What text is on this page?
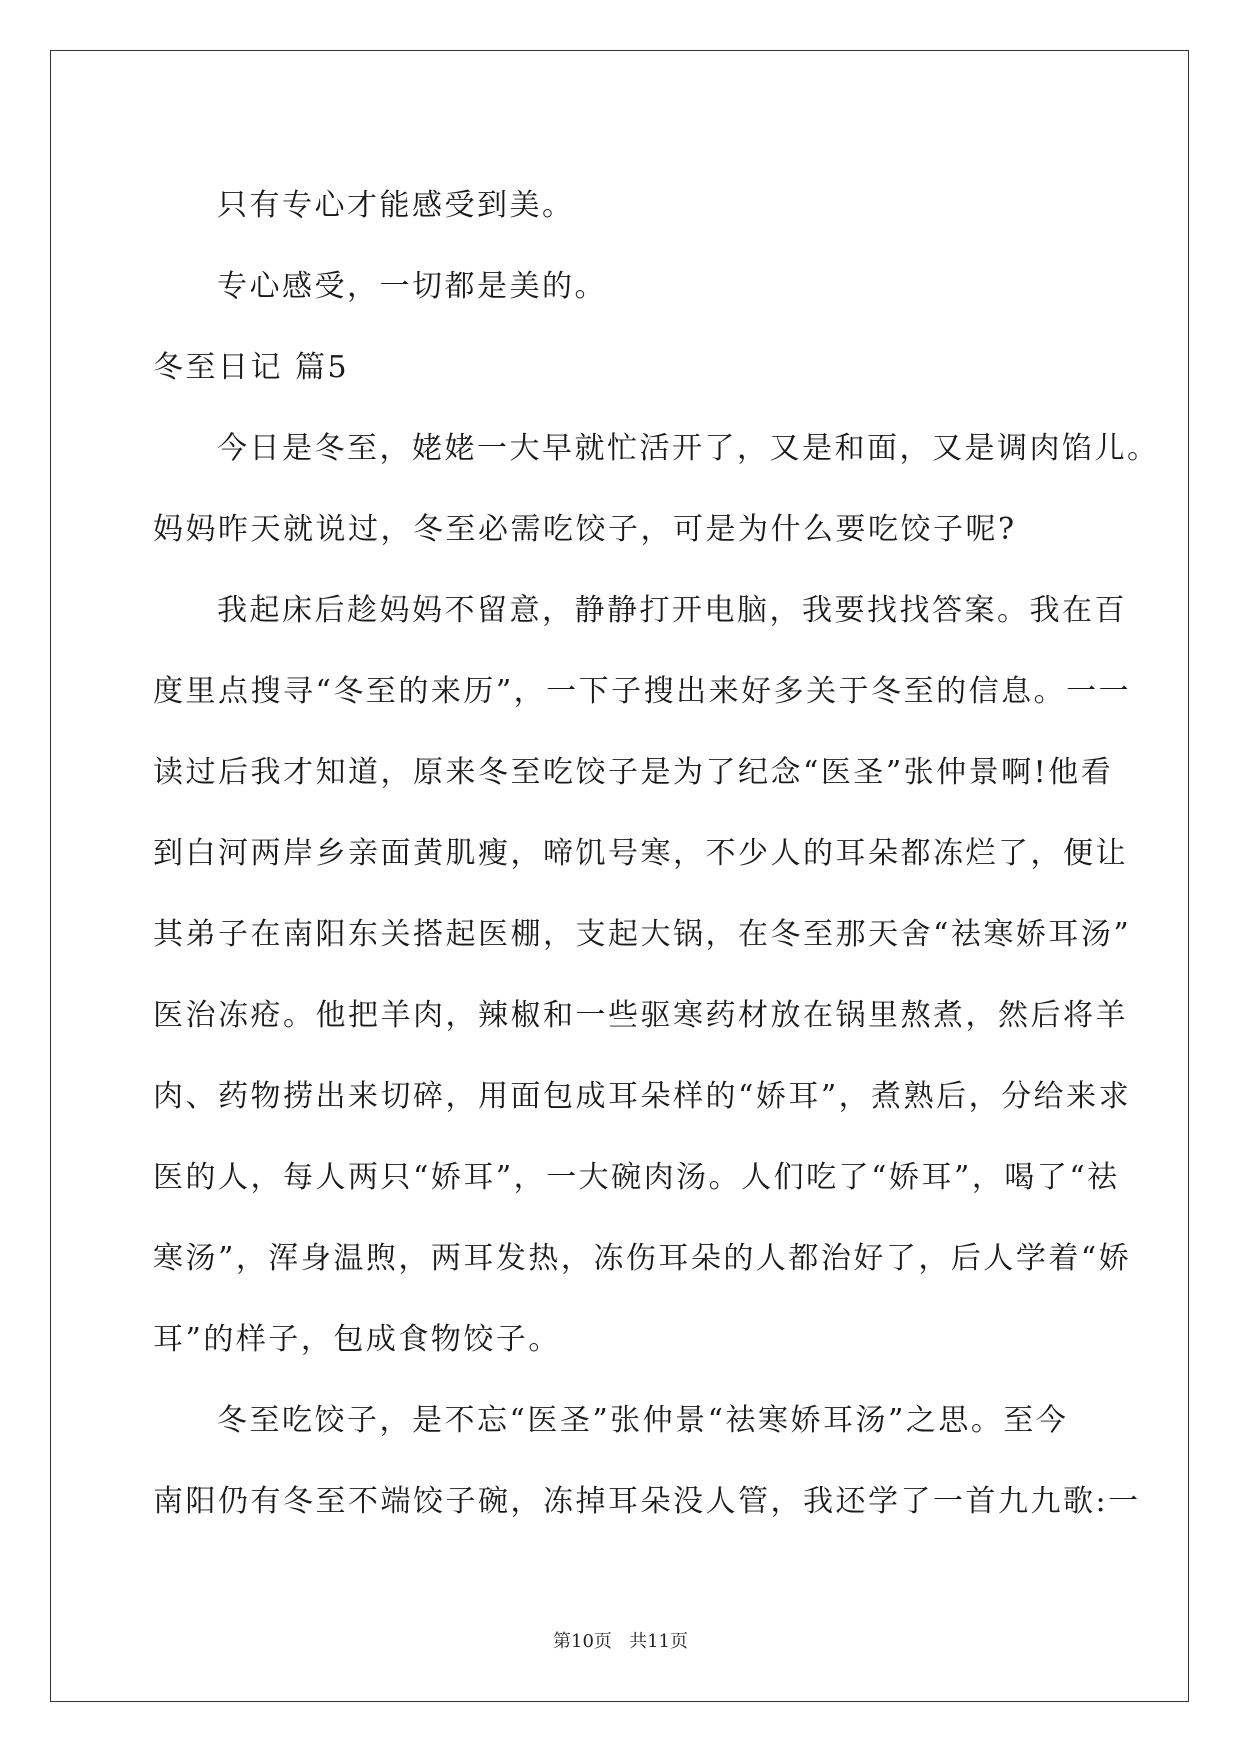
只有专心才能感受到美。

专心感受，一切都是美的。

冬至日记 篇5

今日是冬至，姥姥一大早就忙活开了，又是和面，又是调肉馅儿。
妈妈昨天就说过，冬至必需吃饺子，可是为什么要吃饺子呢?
我起床后趁妈妈不留意，静静打开电脑，我要找找答案。我在百
度里点搜寻“冬至的来历”，一下子搜出来好多关于冬至的信息。一一
读过后我才知道，原来冬至吃饺子是为了纪念“医圣”张仲景啊!他看
到白河两岸乡亲面黄肌瘦，啼饥号寒，不少人的耳朵都冻烂了，便让
其弟子在南阳东关搭起医棚，支起大锅，在冬至那天舍“祛寒娇耳汤”
医治冻疮。他把羊肉，辣椒和一些驱寒药材放在锅里熬煮，然后将羊
肉、药物捞出来切碎，用面包成耳朵样的“娇耳”，煮熟后，分给来求
医的人，每人两只“娇耳”，一大碗肉汤。人们吃了“娇耳”，喝了“祛
寒汤”，浑身温煦，两耳发热，冻伤耳朵的人都治好了，后人学着“娇
耳”的样子，包成食物饺子。
冬至吃饺子，是不忘“医圣”张仲景“祛寒娇耳汤”之思。至今
南阳仍有冬至不端饺子碗，冻掉耳朵没人管，我还学了一首九九歌:一
第10页   共11页
